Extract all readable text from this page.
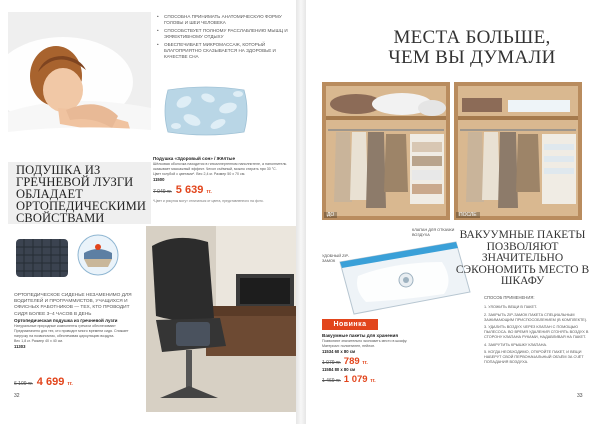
ПОДУШКА ИЗ ГРЕЧНЕВОЙ ЛУЗГИ ОБЛАДАЕТ ОРТОПЕДИЧЕСКИМИ СВОЙСТВАМИ
• СПОСОБНА ПРИНИМАТЬ АНАТОМИЧЕСКУЮ ФОРМУ ГОЛОВЫ И ШЕИ ЧЕЛОВЕКА
• СПОСОБСТВУЕТ ПОЛНОМУ РАССЛАБЛЕНИЮ МЫШЦ И ЭФФЕКТИВНОМУ ОТДЫХУ
• ОБЕСПЕЧИВАЕТ МИКРОМАССАЖ, КОТОРЫЙ БЛАГОПРИЯТНО СКАЗЫВАЕТСЯ НА ЗДОРОВЬЕ И КАЧЕСТВЕ СНА
Подушка «Здоровый сон» / Жёлтые
Шёлковая оболочка находится в гипоаллергенном наполнителе, а наполнитель оказывает массажный эффект. Чехол съёмный, можно стирать при 30 °С.
Цвет голубой с цветами*. Вес 2,4 кг. Размер 50 х 70 см.
11500
7 049 тг. 5 639 тг.
*Цвет и рисунок могут отличаться от цвета, представленного на фото.
ОРТОПЕДИЧЕСКОЕ СИДЕНЬЕ НЕЗАМЕНИМО ДЛЯ ВОДИТЕЛЕЙ И ПРОГРАММИСТОВ, УЧАЩИХСЯ И ОФИСНЫХ РАБОТНИКОВ — ТЕХ, КТО ПРОВОДИТ СИДЯ БОЛЕЕ 3–4 ЧАСОВ В ДЕНЬ
Ортопедическая подушка из гречневой лузги
Натуральные природные компоненты гречихи обеспечивают
Предназначено для тех, кто проводит много времени сидя. Снижает нагрузку на позвоночник, обеспечивая циркуляцию воздуха.
Вес 1,8 кг. Размер 40 х 40 см.
11303
6 109 тг. 4 699 тг.
32
МЕСТА БОЛЬШЕ, ЧЕМ ВЫ ДУМАЛИ
ДО	ПОСЛЕ
КЛАПАН ДЛЯ ОТКАЧКИ ВОЗДУХА
УДОБНЫЙ ZIP-ЗАМОК
ВАКУУМНЫЕ ПАКЕТЫ ПОЗВОЛЯЮТ ЗНАЧИТЕЛЬНО СЭКОНОМИТЬ МЕСТО В ШКАФУ
СПОСОБ ПРИМЕНЕНИЯ:
1. УЛОЖИТЬ ВЕЩИ В ПАКЕТ.
2. ЗАКРЫТЬ ZIP-ЗАМОК ПАКЕТА СПЕЦИАЛЬНЫМ ЗАЖИМАЮЩИМ ПРИСПОСОБЛЕНИЕМ (В КОМПЛЕКТЕ).
3. УДАЛИТЬ ВОЗДУХ ЧЕРЕЗ КЛАПАН С ПОМОЩЬЮ ПЫЛЕСОСА. ВО ВРЕМЯ УДАЛЕНИЯ СГОНЯТЬ ВОЗДУХ В СТОРОНУ КЛАПАНА РУКАМИ, НАДАВЛИВАЯ НА ПАКЕТ.
4. ЗАКРУТИТЬ КРЫШКУ КЛАПАНА.
5. КОГДА НЕОБХОДИМО, ОТКРОЙТЕ ПАКЕТ, И ВЕЩИ НАБЕРУТ СВОЙ ПЕРВОНАЧАЛЬНЫЙ ОБЪЁМ ЗА СЧЁТ ПОПАДАНИЯ ВОЗДУХА.
Новинка
Вакуумные пакеты для хранения
Позволяют значительно экономить место в шкафу. Материал: полиэтилен, нейлон.
11534 60 х 80 см
1 079 тг. 789 тг.
11584 80 х 80 см
1 469 тг. 1 079 тг.
33
